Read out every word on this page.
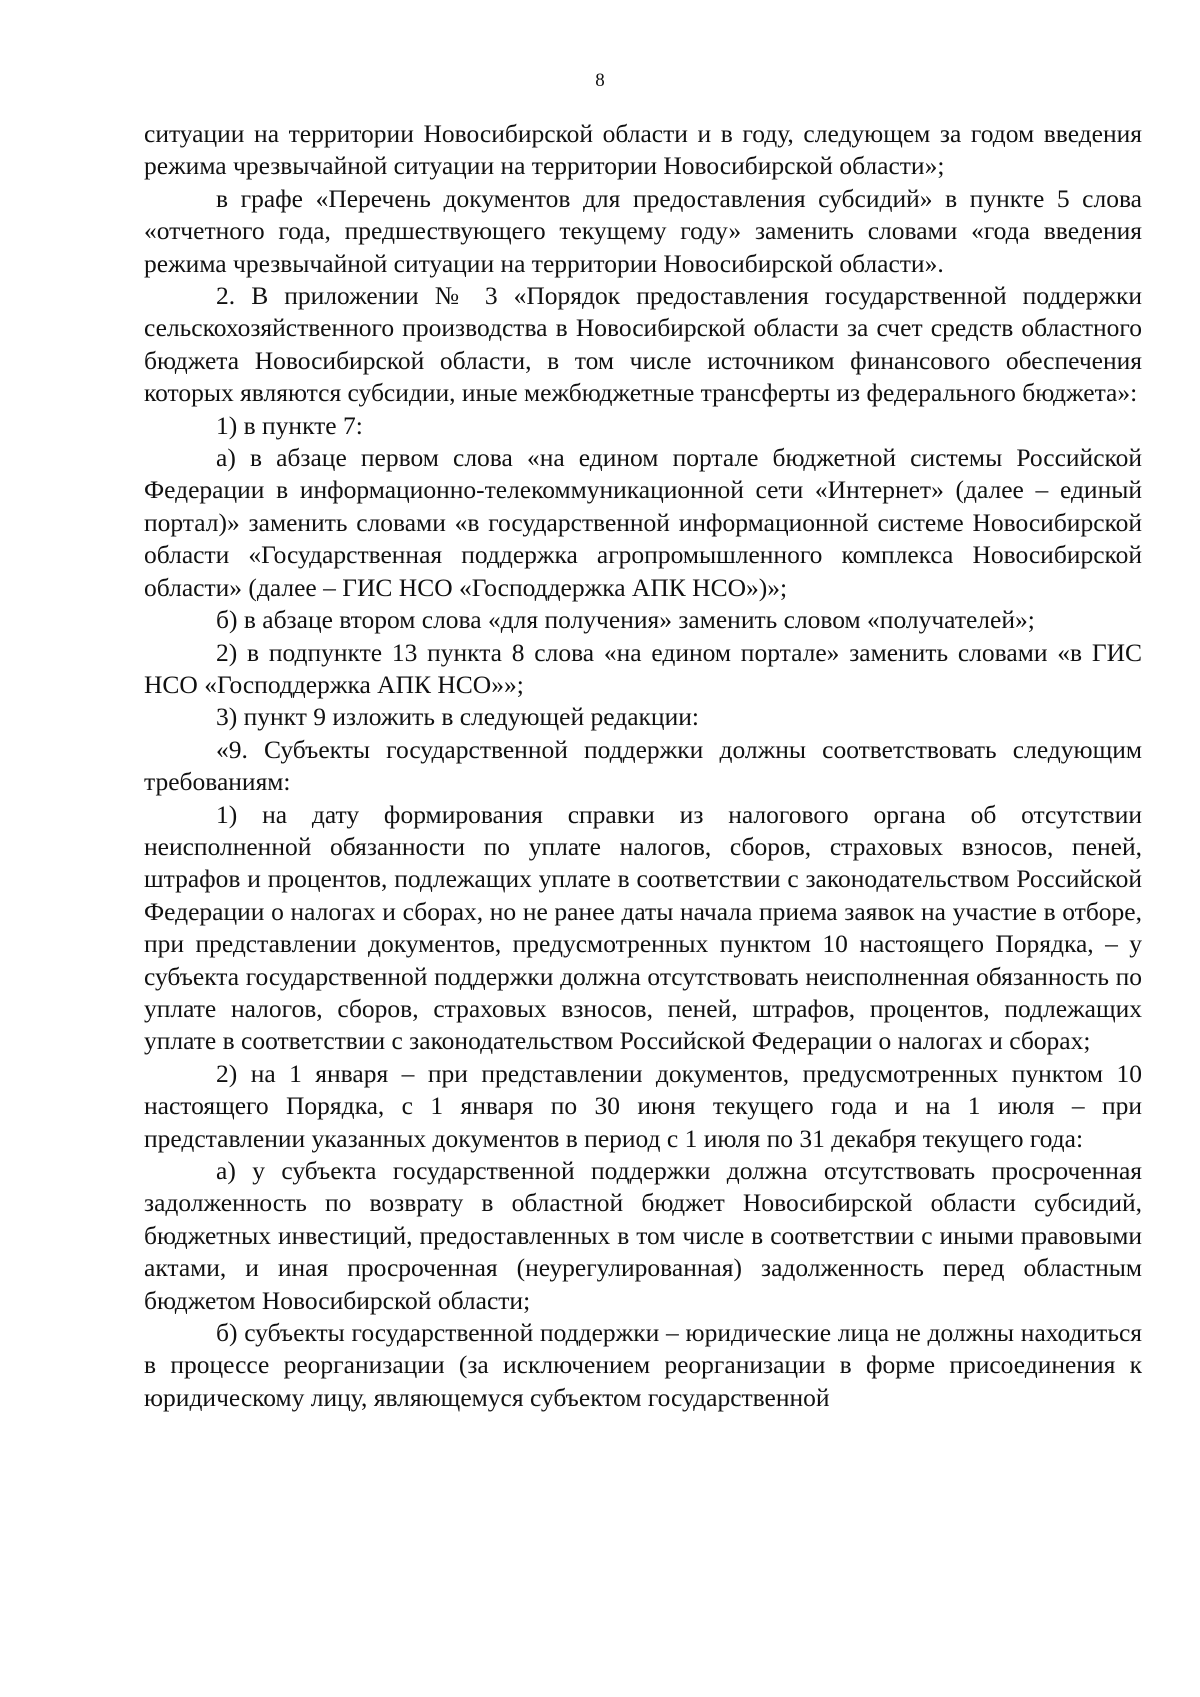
8

ситуации на территории Новосибирской области и в году, следующем за годом введения режима чрезвычайной ситуации на территории Новосибирской области»;

в графе «Перечень документов для предоставления субсидий» в пункте 5 слова «отчетного года, предшествующего текущему году» заменить словами «года введения режима чрезвычайной ситуации на территории Новосибирской области».

2. В приложении № 3 «Порядок предоставления государственной поддержки сельскохозяйственного производства в Новосибирской области за счет средств областного бюджета Новосибирской области, в том числе источником финансового обеспечения которых являются субсидии, иные межбюджетные трансферты из федерального бюджета»:

1) в пункте 7:

а) в абзаце первом слова «на едином портале бюджетной системы Российской Федерации в информационно-телекоммуникационной сети «Интернет» (далее – единый портал)» заменить словами «в государственной информационной системе Новосибирской области «Государственная поддержка агропромышленного комплекса Новосибирской области» (далее – ГИС НСО «Господдержка АПК НСО»)»;

б) в абзаце втором слова «для получения» заменить словом «получателей»;

2) в подпункте 13 пункта 8 слова «на едином портале» заменить словами «в ГИС НСО «Господдержка АПК НСО»»;

3) пункт 9 изложить в следующей редакции:

«9. Субъекты государственной поддержки должны соответствовать следующим требованиям:

1) на дату формирования справки из налогового органа об отсутствии неисполненной обязанности по уплате налогов, сборов, страховых взносов, пеней, штрафов и процентов, подлежащих уплате в соответствии с законодательством Российской Федерации о налогах и сборах, но не ранее даты начала приема заявок на участие в отборе, при представлении документов, предусмотренных пунктом 10 настоящего Порядка, – у субъекта государственной поддержки должна отсутствовать неисполненная обязанность по уплате налогов, сборов, страховых взносов, пеней, штрафов, процентов, подлежащих уплате в соответствии с законодательством Российской Федерации о налогах и сборах;

2) на 1 января – при представлении документов, предусмотренных пунктом 10 настоящего Порядка, с 1 января по 30 июня текущего года и на 1 июля – при представлении указанных документов в период с 1 июля по 31 декабря текущего года:

а) у субъекта государственной поддержки должна отсутствовать просроченная задолженность по возврату в областной бюджет Новосибирской области субсидий, бюджетных инвестиций, предоставленных в том числе в соответствии с иными правовыми актами, и иная просроченная (неурегулированная) задолженность перед областным бюджетом Новосибирской области;

б) субъекты государственной поддержки – юридические лица не должны находиться в процессе реорганизации (за исключением реорганизации в форме присоединения к юридическому лицу, являющемуся субъектом государственной
